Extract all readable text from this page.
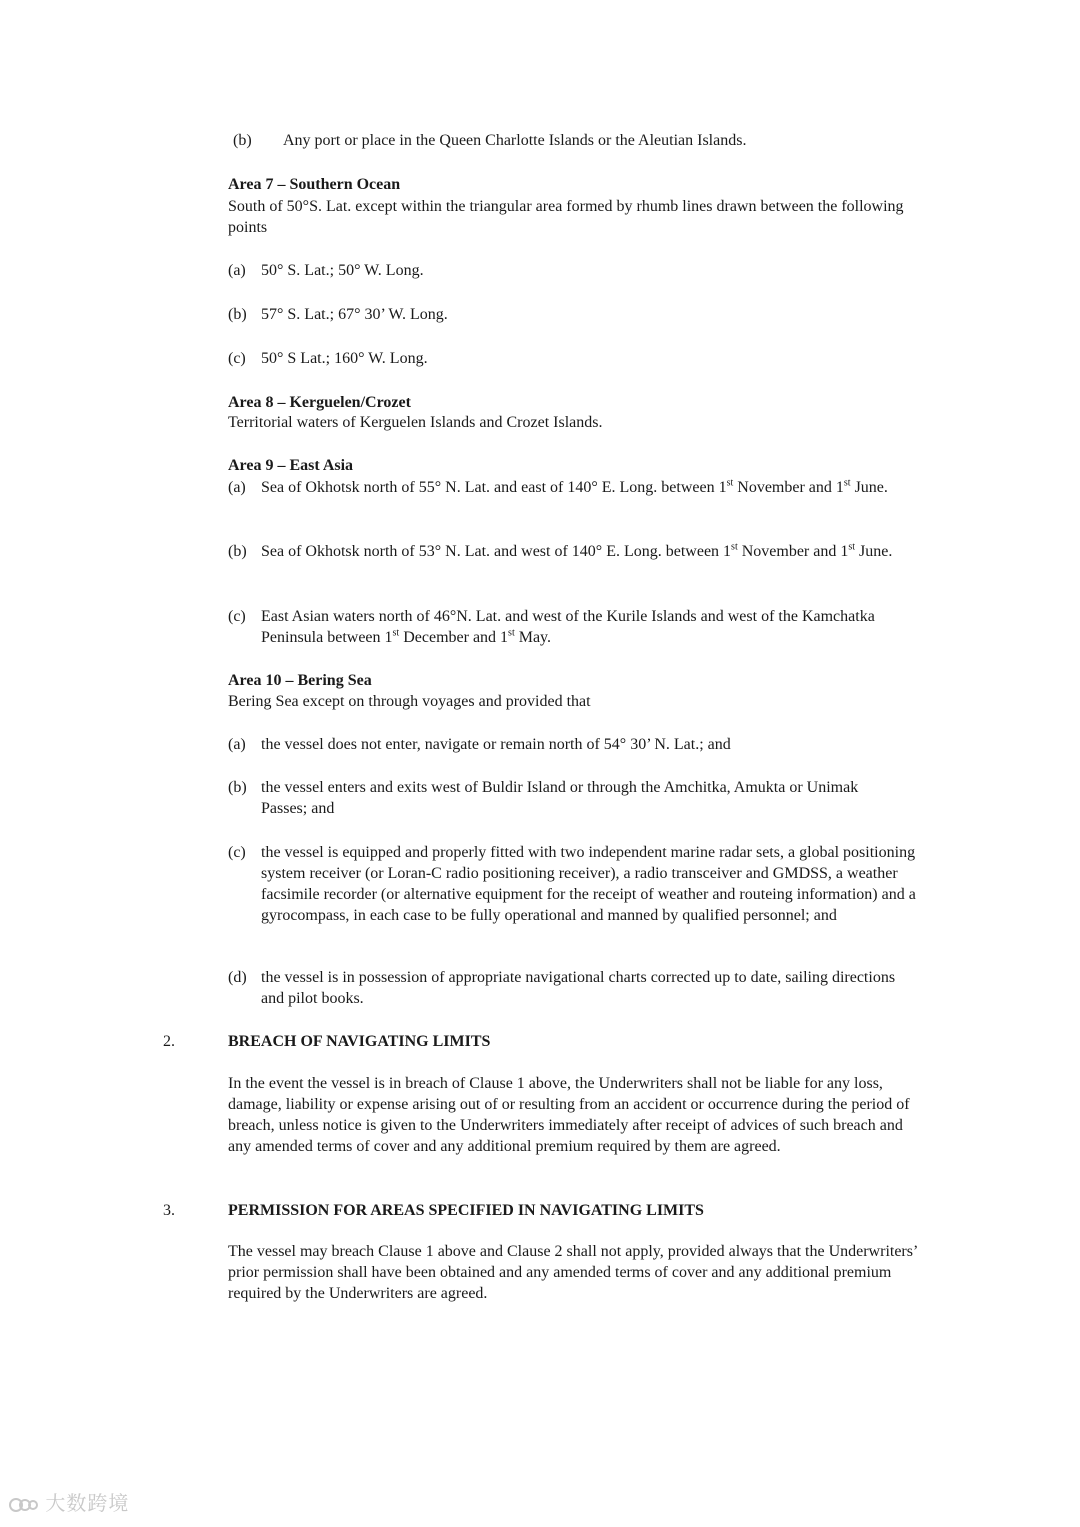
(b) Any port or place in the Queen Charlotte Islands or the Aleutian Islands.
Area 7 – Southern Ocean

South of 50°S. Lat. except within the triangular area formed by rhumb lines drawn between the following points

(a) 50° S. Lat.; 50° W. Long.
(b) 57° S. Lat.; 67° 30’ W. Long.
(c) 50° S Lat.; 160° W. Long.
Area 8 – Kerguelen/Crozet

Territorial waters of Kerguelen Islands and Crozet Islands.

Area 9 – East Asia
(a) Sea of Okhotsk north of 55° N. Lat. and east of 140° E. Long. between 1st November and 1st June.
(b) Sea of Okhotsk north of 53° N. Lat. and west of 140° E. Long. between 1st November and 1st June.
(c) East Asian waters north of 46°N. Lat. and west of the Kurile Islands and west of the Kamchatka Peninsula between 1st December and 1st May.
Area 10 – Bering Sea

Bering Sea except on through voyages and provided that

(a) the vessel does not enter, navigate or remain north of 54° 30’ N. Lat.; and
(b) the vessel enters and exits west of Buldir Island or through the Amchitka, Amukta or Unimak Passes; and
(c) the vessel is equipped and properly fitted with two independent marine radar sets, a global positioning system receiver (or Loran-C radio positioning receiver), a radio transceiver and GMDSS, a weather facsimile recorder (or alternative equipment for the receipt of weather and routeing information) and a gyrocompass, in each case to be fully operational and manned by qualified personnel; and
(d) the vessel is in possession of appropriate navigational charts corrected up to date, sailing directions and pilot books.
2.	BREACH OF NAVIGATING LIMITS

In the event the vessel is in breach of Clause 1 above, the Underwriters shall not be liable for any loss, damage, liability or expense arising out of or resulting from an accident or occurrence during the period of breach, unless notice is given to the Underwriters immediately after receipt of advices of such breach and any amended terms of cover and any additional premium required by them are agreed.

3.	PERMISSION FOR AREAS SPECIFIED IN NAVIGATING LIMITS

The vessel may breach Clause 1 above and Clause 2 shall not apply, provided always that the Underwriters’ prior permission shall have been obtained and any amended terms of cover and any additional premium required by the Underwriters are agreed.

大数跨境
